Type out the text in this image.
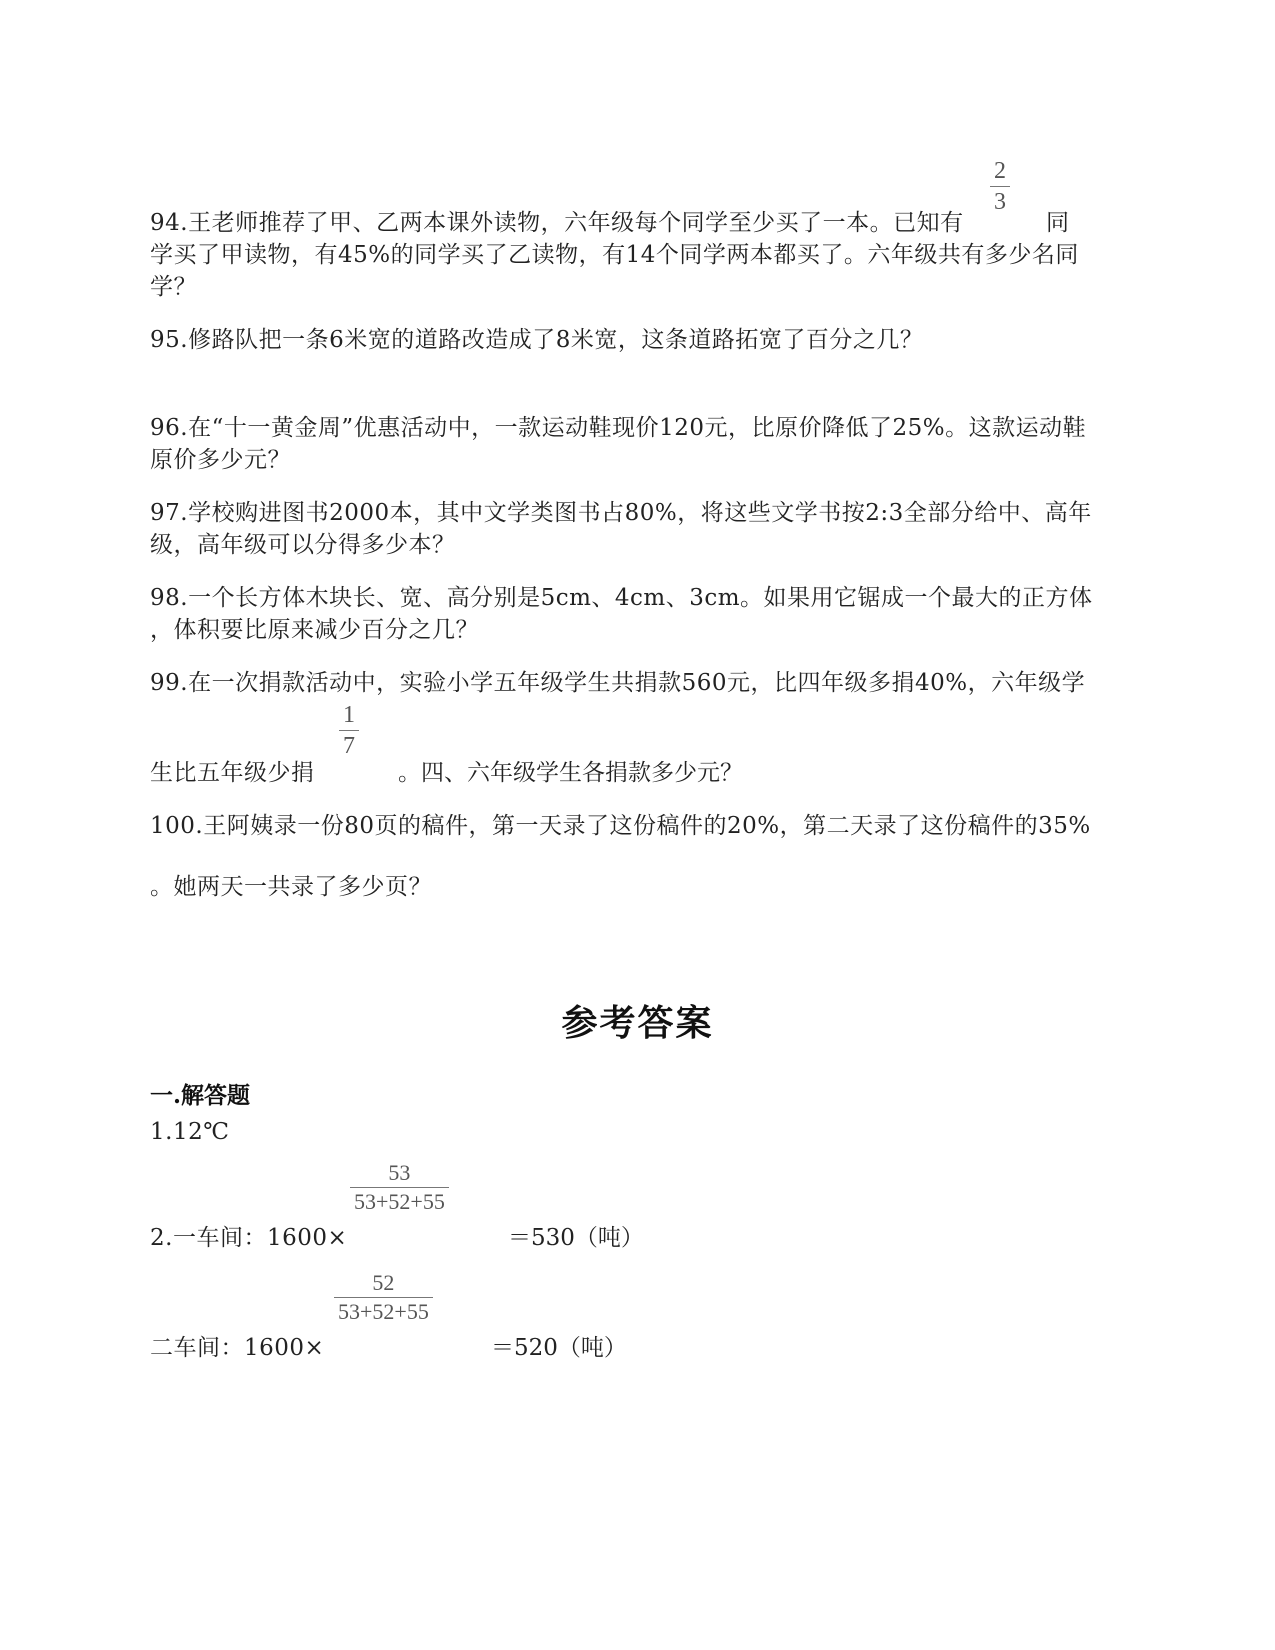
94.王老师推荐了甲、乙两本课外读物，六年级每个同学至少买了一本。已知有
2
3
同
学买了甲读物，有45%的同学买了乙读物，有14个同学两本都买了。六年级共有多少名同
学？
95.修路队把一条6米宽的道路改造成了8米宽，这条道路拓宽了百分之几？
96.在“十一黄金周”优惠活动中，一款运动鞋现价120元，比原价降低了25%。这款运动鞋
原价多少元？
97.学校购进图书2000本，其中文学类图书占80%，将这些文学书按2:3全部分给中、高年
级，高年级可以分得多少本？
98.一个长方体木块长、宽、高分别是5cm、4cm、3cm。如果用它锯成一个最大的正方体
，体积要比原来减少百分之几？
99.在一次捐款活动中，实验小学五年级学生共捐款560元，比四年级多捐40%，六年级学
生比五年级少捐
1
7
。四、六年级学生各捐款多少元？
100.王阿姨录一份80页的稿件，第一天录了这份稿件的20%，第二天录了这份稿件的35%
。她两天一共录了多少页？
参考答案
一.解答题
1.12℃
2.一车间：1600×
53
53+52+55
＝530（吨）
二车间：1600×
52
53+52+55
＝520（吨）
